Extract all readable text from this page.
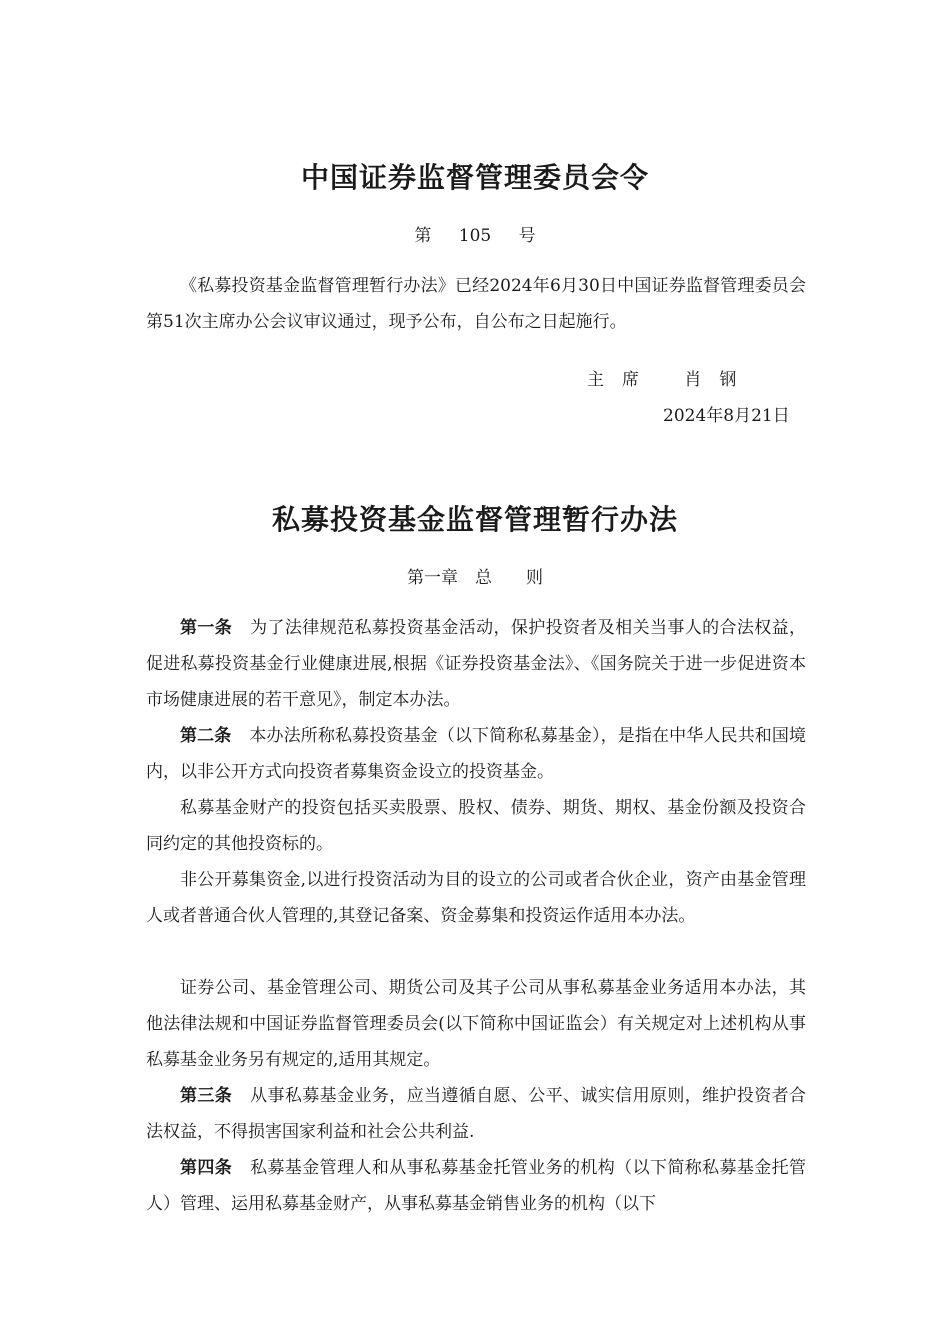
中国证券监督管理委员会令
第 105 号

《私募投资基金监督管理暂行办法》已经2024年6月30日中国证券监督管理委员会第51次主席办公会议审议通过，现予公布，自公布之日起施行。

主席 肖钢
2024年8月21日
私募投资基金监督管理暂行办法
第一章　总　　则

第一条 为了法律规范私募投资基金活动，保护投资者及相关当事人的合法权益，促进私募投资基金行业健康进展,根据《证券投资基金法》、《国务院关于进一步促进资本市场健康进展的若干意见》，制定本办法。

第二条 本办法所称私募投资基金（以下简称私募基金），是指在中华人民共和国境内，以非公开方式向投资者募集资金设立的投资基金。

私募基金财产的投资包括买卖股票、股权、债券、期货、期权、基金份额及投资合同约定的其他投资标的。

非公开募集资金,以进行投资活动为目的设立的公司或者合伙企业，资产由基金管理人或者普通合伙人管理的,其登记备案、资金募集和投资运作适用本办法。

证券公司、基金管理公司、期货公司及其子公司从事私募基金业务适用本办法，其他法律法规和中国证券监督管理委员会(以下简称中国证监会）有关规定对上述机构从事私募基金业务另有规定的,适用其规定。

第三条 从事私募基金业务，应当遵循自愿、公平、诚实信用原则，维护投资者合法权益，不得损害国家利益和社会公共利益.

第四条 私募基金管理人和从事私募基金托管业务的机构（以下简称私募基金托管人）管理、运用私募基金财产，从事私募基金销售业务的机构（以下
